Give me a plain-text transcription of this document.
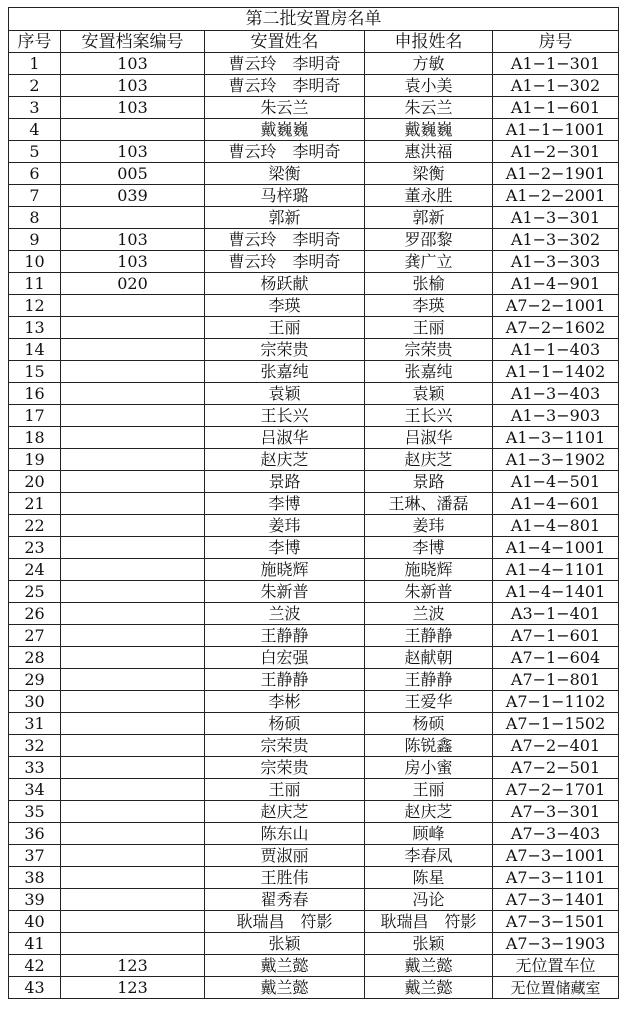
第二批安置房名单				
序号	安置档案编号	安置姓名	申报姓名	房号
1	103	曹云玲　李明奇	方敏	A1−1−301
2	103	曹云玲　李明奇	袁小美	A1−1−302
3	103	朱云兰	朱云兰	A1−1−601
4		戴巍巍	戴巍巍	A1−1−1001
5	103	曹云玲　李明奇	惠洪福	A1−2−301
6	005	梁衡	梁衡	A1−2−1901
7	039	马梓璐	董永胜	A1−2−2001
8		郭新	郭新	A1−3−301
9	103	曹云玲　李明奇	罗邵黎	A1−3−302
10	103	曹云玲　李明奇	龚广立	A1−3−303
11	020	杨跃献	张榆	A1−4−901
12		李瑛	李瑛	A7−2−1001
13		王丽	王丽	A7−2−1602
14		宗荣贵	宗荣贵	A1−1−403
15		张嘉纯	张嘉纯	A1−1−1402
16		袁颖	袁颖	A1−3−403
17		王长兴	王长兴	A1−3−903
18		吕淑华	吕淑华	A1−3−1101
19		赵庆芝	赵庆芝	A1−3−1902
20		景路	景路	A1−4−501
21		李博	王琳、潘磊	A1−4−601
22		姜玮	姜玮	A1−4−801
23		李博	李博	A1−4−1001
24		施晓辉	施晓辉	A1−4−1101
25		朱新普	朱新普	A1−4−1401
26		兰波	兰波	A3−1−401
27		王静静	王静静	A7−1−601
28		白宏强	赵献朝	A7−1−604
29		王静静	王静静	A7−1−801
30		李彬	王爱华	A7−1−1102
31		杨硕	杨硕	A7−1−1502
32		宗荣贵	陈锐鑫	A7−2−401
33		宗荣贵	房小蜜	A7−2−501
34		王丽	王丽	A7−2−1701
35		赵庆芝	赵庆芝	A7−3−301
36		陈东山	顾峰	A7−3−403
37		贾淑丽	李春凤	A7−3−1001
38		王胜伟	陈星	A7−3−1101
39		翟秀春	冯论	A7−3−1401
40		耿瑞昌　符影	耿瑞昌　符影	A7−3−1501
41		张颖	张颖	A7−3−1903
42	123	戴兰懿	戴兰懿	无位置车位
43	123	戴兰懿	戴兰懿	无位置储藏室
